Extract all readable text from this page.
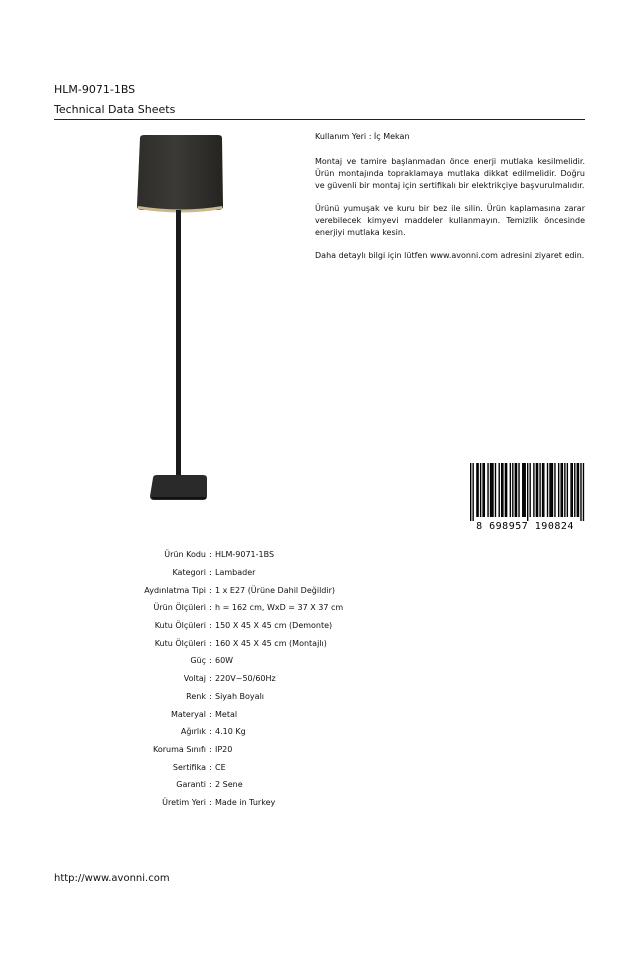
HLM-9071-1BS
Technical Data Sheets

Kullanım Yeri : İç Mekan

Montaj ve tamire başlanmadan önce enerji mutlaka kesilmelidir. Ürün montajında topraklamaya mutlaka dikkat edilmelidir. Doğru ve güvenli bir montaj için sertifikalı bir elektrikçiye başvurulmalıdır.

Ürünü yumuşak ve kuru bir bez ile silin. Ürün kaplamasına zarar verebilecek kimyevi maddeler kullanmayın. Temizlik öncesinde enerjiyi mutlaka kesin.

Daha detaylı bilgi için lütfen www.avonni.com adresini ziyaret edin.

8 698957 190824
Ürün Kodu : HLM-9071-1BS
Kategori : Lambader
Aydınlatma Tipi : 1 x E27 (Ürüne Dahil Değildir)
Ürün Ölçüleri : h = 162 cm, WxD = 37 X 37 cm
Kutu Ölçüleri : 150 X 45 X 45 cm (Demonte)
Kutu Ölçüleri : 160 X 45 X 45 cm (Montajlı)
Güç : 60W
Voltaj : 220V~50/60Hz
Renk : Siyah Boyalı
Materyal : Metal
Ağırlık : 4.10 Kg
Koruma Sınıfı : IP20
Sertifika : CE
Garanti : 2 Sene
Üretim Yeri : Made in Turkey
http://www.avonni.com
